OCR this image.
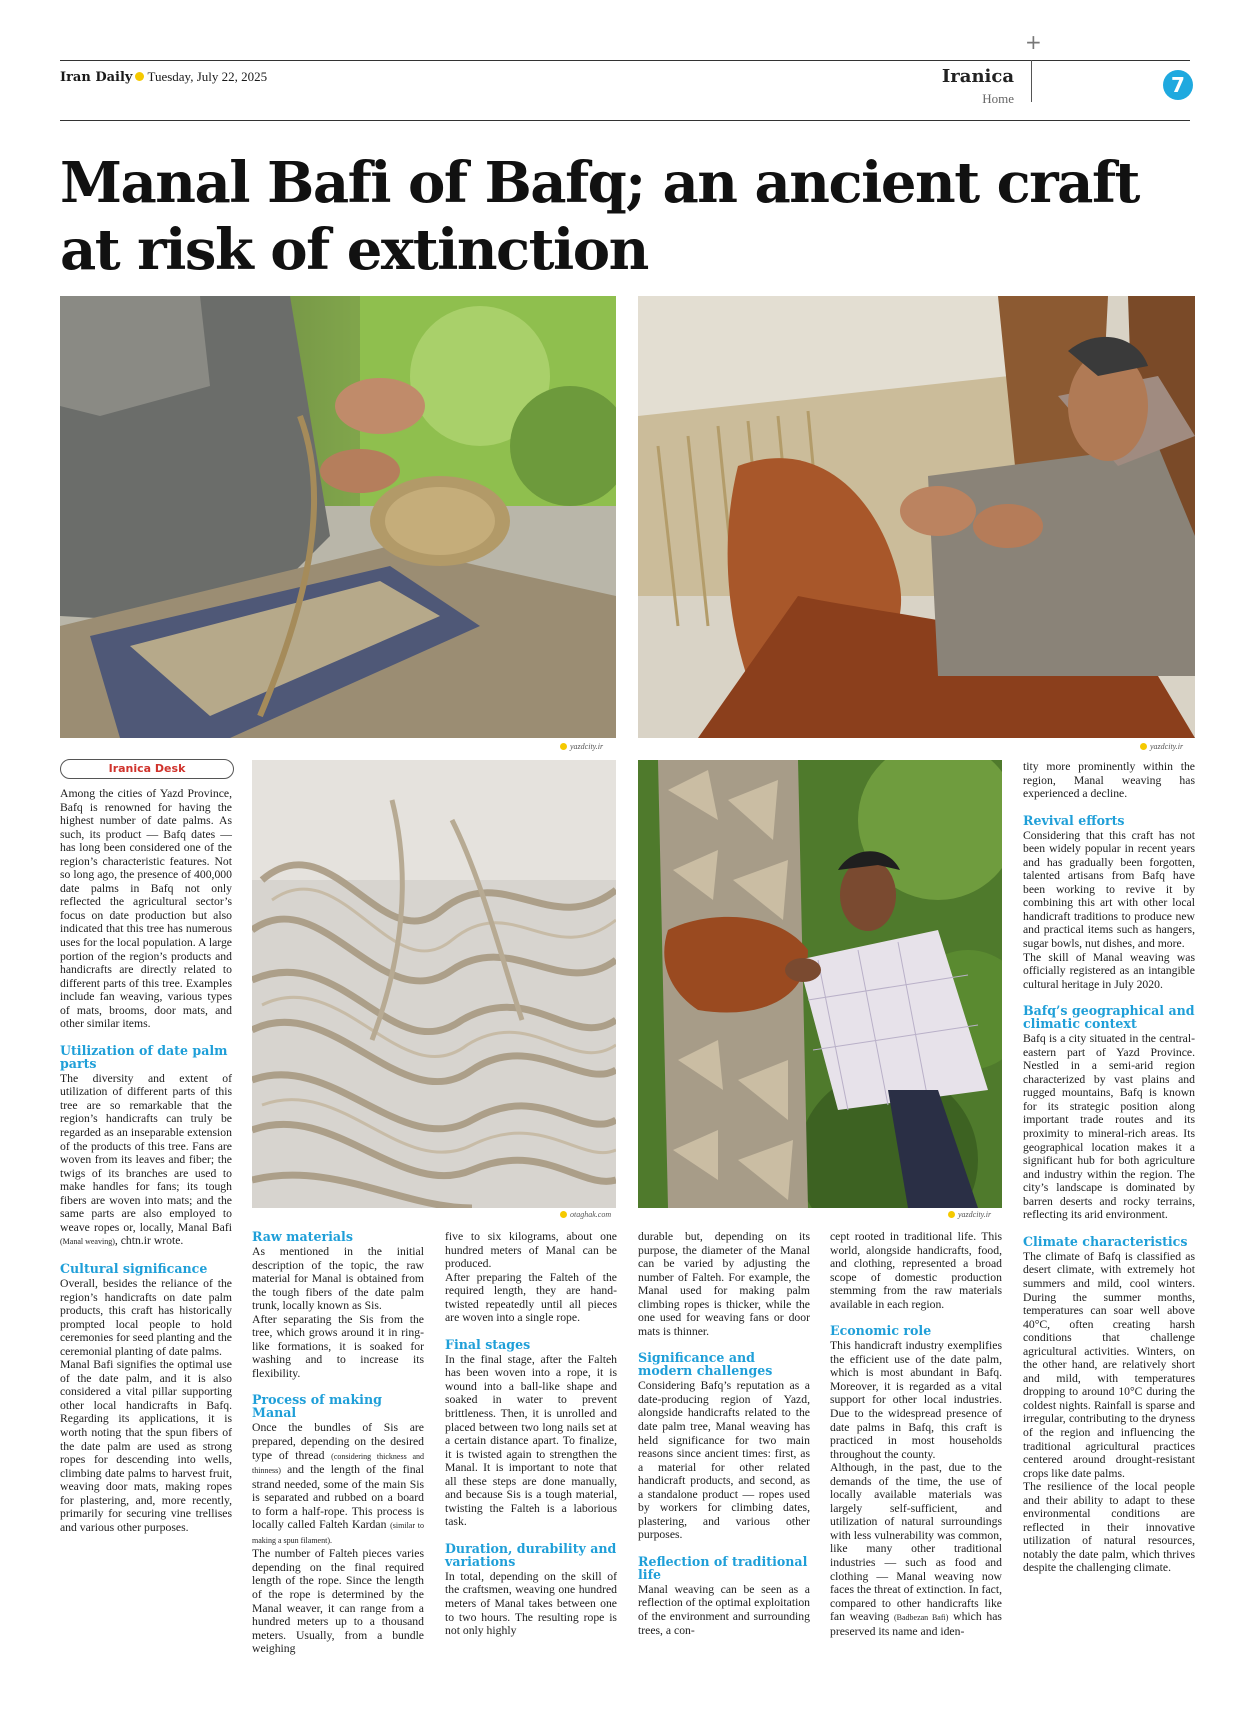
+
Iran Daily Tuesday, July 22, 2025	Iranica
Home
7
Manal Bafi of Bafq; an ancient craft at risk of extinction
yazdcity.ir	yazdcity.ir
otaghak.com	yazdcity.ir
Iranica Desk

Among the cities of Yazd Province, Bafq is renowned for having the highest number of date palms. As such, its product — Bafq dates — has long been considered one of the region’s characteristic features. Not so long ago, the presence of 400,000 date palms in Bafq not only reflected the agricultural sector’s focus on date production but also indicated that this tree has numerous uses for the local population. A large portion of the region’s products and handicrafts are directly related to different parts of this tree. Examples include fan weaving, various types of mats, brooms, door mats, and other similar items.

Utilization of date palm parts

The diversity and extent of utilization of different parts of this tree are so remarkable that the region’s handicrafts can truly be regarded as an inseparable extension of the products of this tree. Fans are woven from its leaves and fiber; the twigs of its branches are used to make handles for fans; its tough fibers are woven into mats; and the same parts are also employed to weave ropes or, locally, Manal Bafi (Manal weaving), chtn.ir wrote.

Cultural significance

Overall, besides the reliance of the region’s handicrafts on date palm products, this craft has historically prompted local people to hold ceremonies for seed planting and the ceremonial planting of date palms.

Manal Bafi signifies the optimal use of the date palm, and it is also considered a vital pillar supporting other local handicrafts in Bafq. Regarding its applications, it is worth noting that the spun fibers of the date palm are used as strong ropes for descending into wells, climbing date palms to harvest fruit, weaving door mats, making ropes for plastering, and, more recently, primarily for securing vine trellises and various other purposes.

Raw materials

As mentioned in the initial description of the topic, the raw material for Manal is obtained from the tough fibers of the date palm trunk, locally known as Sis.

After separating the Sis from the tree, which grows around it in ring-like formations, it is soaked for washing and to increase its flexibility.

Process of making Manal

Once the bundles of Sis are prepared, depending on the desired type of thread (considering thickness and thinness) and the length of the final strand needed, some of the main Sis is separated and rubbed on a board to form a half-rope. This process is locally called Falteh Kardan (similar to making a spun filament).

The number of Falteh pieces varies depending on the final required length of the rope. Since the length of the rope is determined by the Manal weaver, it can range from a hundred meters up to a thousand meters. Usually, from a bundle weighing

five to six kilograms, about one hundred meters of Manal can be produced.

After preparing the Falteh of the required length, they are hand-twisted repeatedly until all pieces are woven into a single rope.

Final stages

In the final stage, after the Falteh has been woven into a rope, it is wound into a ball-like shape and soaked in water to prevent brittleness. Then, it is unrolled and placed between two long nails set at a certain distance apart. To finalize, it is twisted again to strengthen the Manal. It is important to note that all these steps are done manually, and because Sis is a tough material, twisting the Falteh is a laborious task.

Duration, durability and variations

In total, depending on the skill of the craftsmen, weaving one hundred meters of Manal takes between one to two hours. The resulting rope is not only highly

durable but, depending on its purpose, the diameter of the Manal can be varied by adjusting the number of Falteh. For example, the Manal used for making palm climbing ropes is thicker, while the one used for weaving fans or door mats is thinner.

Significance and modern challenges

Considering Bafq’s reputation as a date-producing region of Yazd, alongside handicrafts related to the date palm tree, Manal weaving has held significance for two main reasons since ancient times: first, as a material for other related handicraft products, and second, as a standalone product — ropes used by workers for climbing dates, plastering, and various other purposes.

Reflection of traditional life

Manal weaving can be seen as a reflection of the optimal exploitation of the environment and surrounding trees, a con-

cept rooted in traditional life. This world, alongside handicrafts, food, and clothing, represented a broad scope of domestic production stemming from the raw materials available in each region.

Economic role

This handicraft industry exemplifies the efficient use of the date palm, which is most abundant in Bafq. Moreover, it is regarded as a vital support for other local industries. Due to the widespread presence of date palms in Bafq, this craft is practiced in most households throughout the county.

Although, in the past, due to the demands of the time, the use of locally available materials was largely self-sufficient, and utilization of natural surroundings with less vulnerability was common, like many other traditional industries — such as food and clothing — Manal weaving now faces the threat of extinction. In fact, compared to other handicrafts like fan weaving (Badbezan Bafi) which has preserved its name and iden-

tity more prominently within the region, Manal weaving has experienced a decline.

Revival efforts

Considering that this craft has not been widely popular in recent years and has gradually been forgotten, talented artisans from Bafq have been working to revive it by combining this art with other local handicraft traditions to produce new and practical items such as hangers, sugar bowls, nut dishes, and more.

The skill of Manal weaving was officially registered as an intangible cultural heritage in July 2020.

Bafq’s geographical and climatic context

Bafq is a city situated in the central-eastern part of Yazd Province. Nestled in a semi-arid region characterized by vast plains and rugged mountains, Bafq is known for its strategic position along important trade routes and its proximity to mineral-rich areas. Its geographical location makes it a significant hub for both agriculture and industry within the region. The city’s landscape is dominated by barren deserts and rocky terrains, reflecting its arid environment.

Climate characteristics

The climate of Bafq is classified as desert climate, with extremely hot summers and mild, cool winters. During the summer months, temperatures can soar well above 40°C, often creating harsh conditions that challenge agricultural activities. Winters, on the other hand, are relatively short and mild, with temperatures dropping to around 10°C during the coldest nights. Rainfall is sparse and irregular, contributing to the dryness of the region and influencing the traditional agricultural practices centered around drought-resistant crops like date palms.

The resilience of the local people and their ability to adapt to these environmental conditions are reflected in their innovative utilization of natural resources, notably the date palm, which thrives despite the challenging climate.
